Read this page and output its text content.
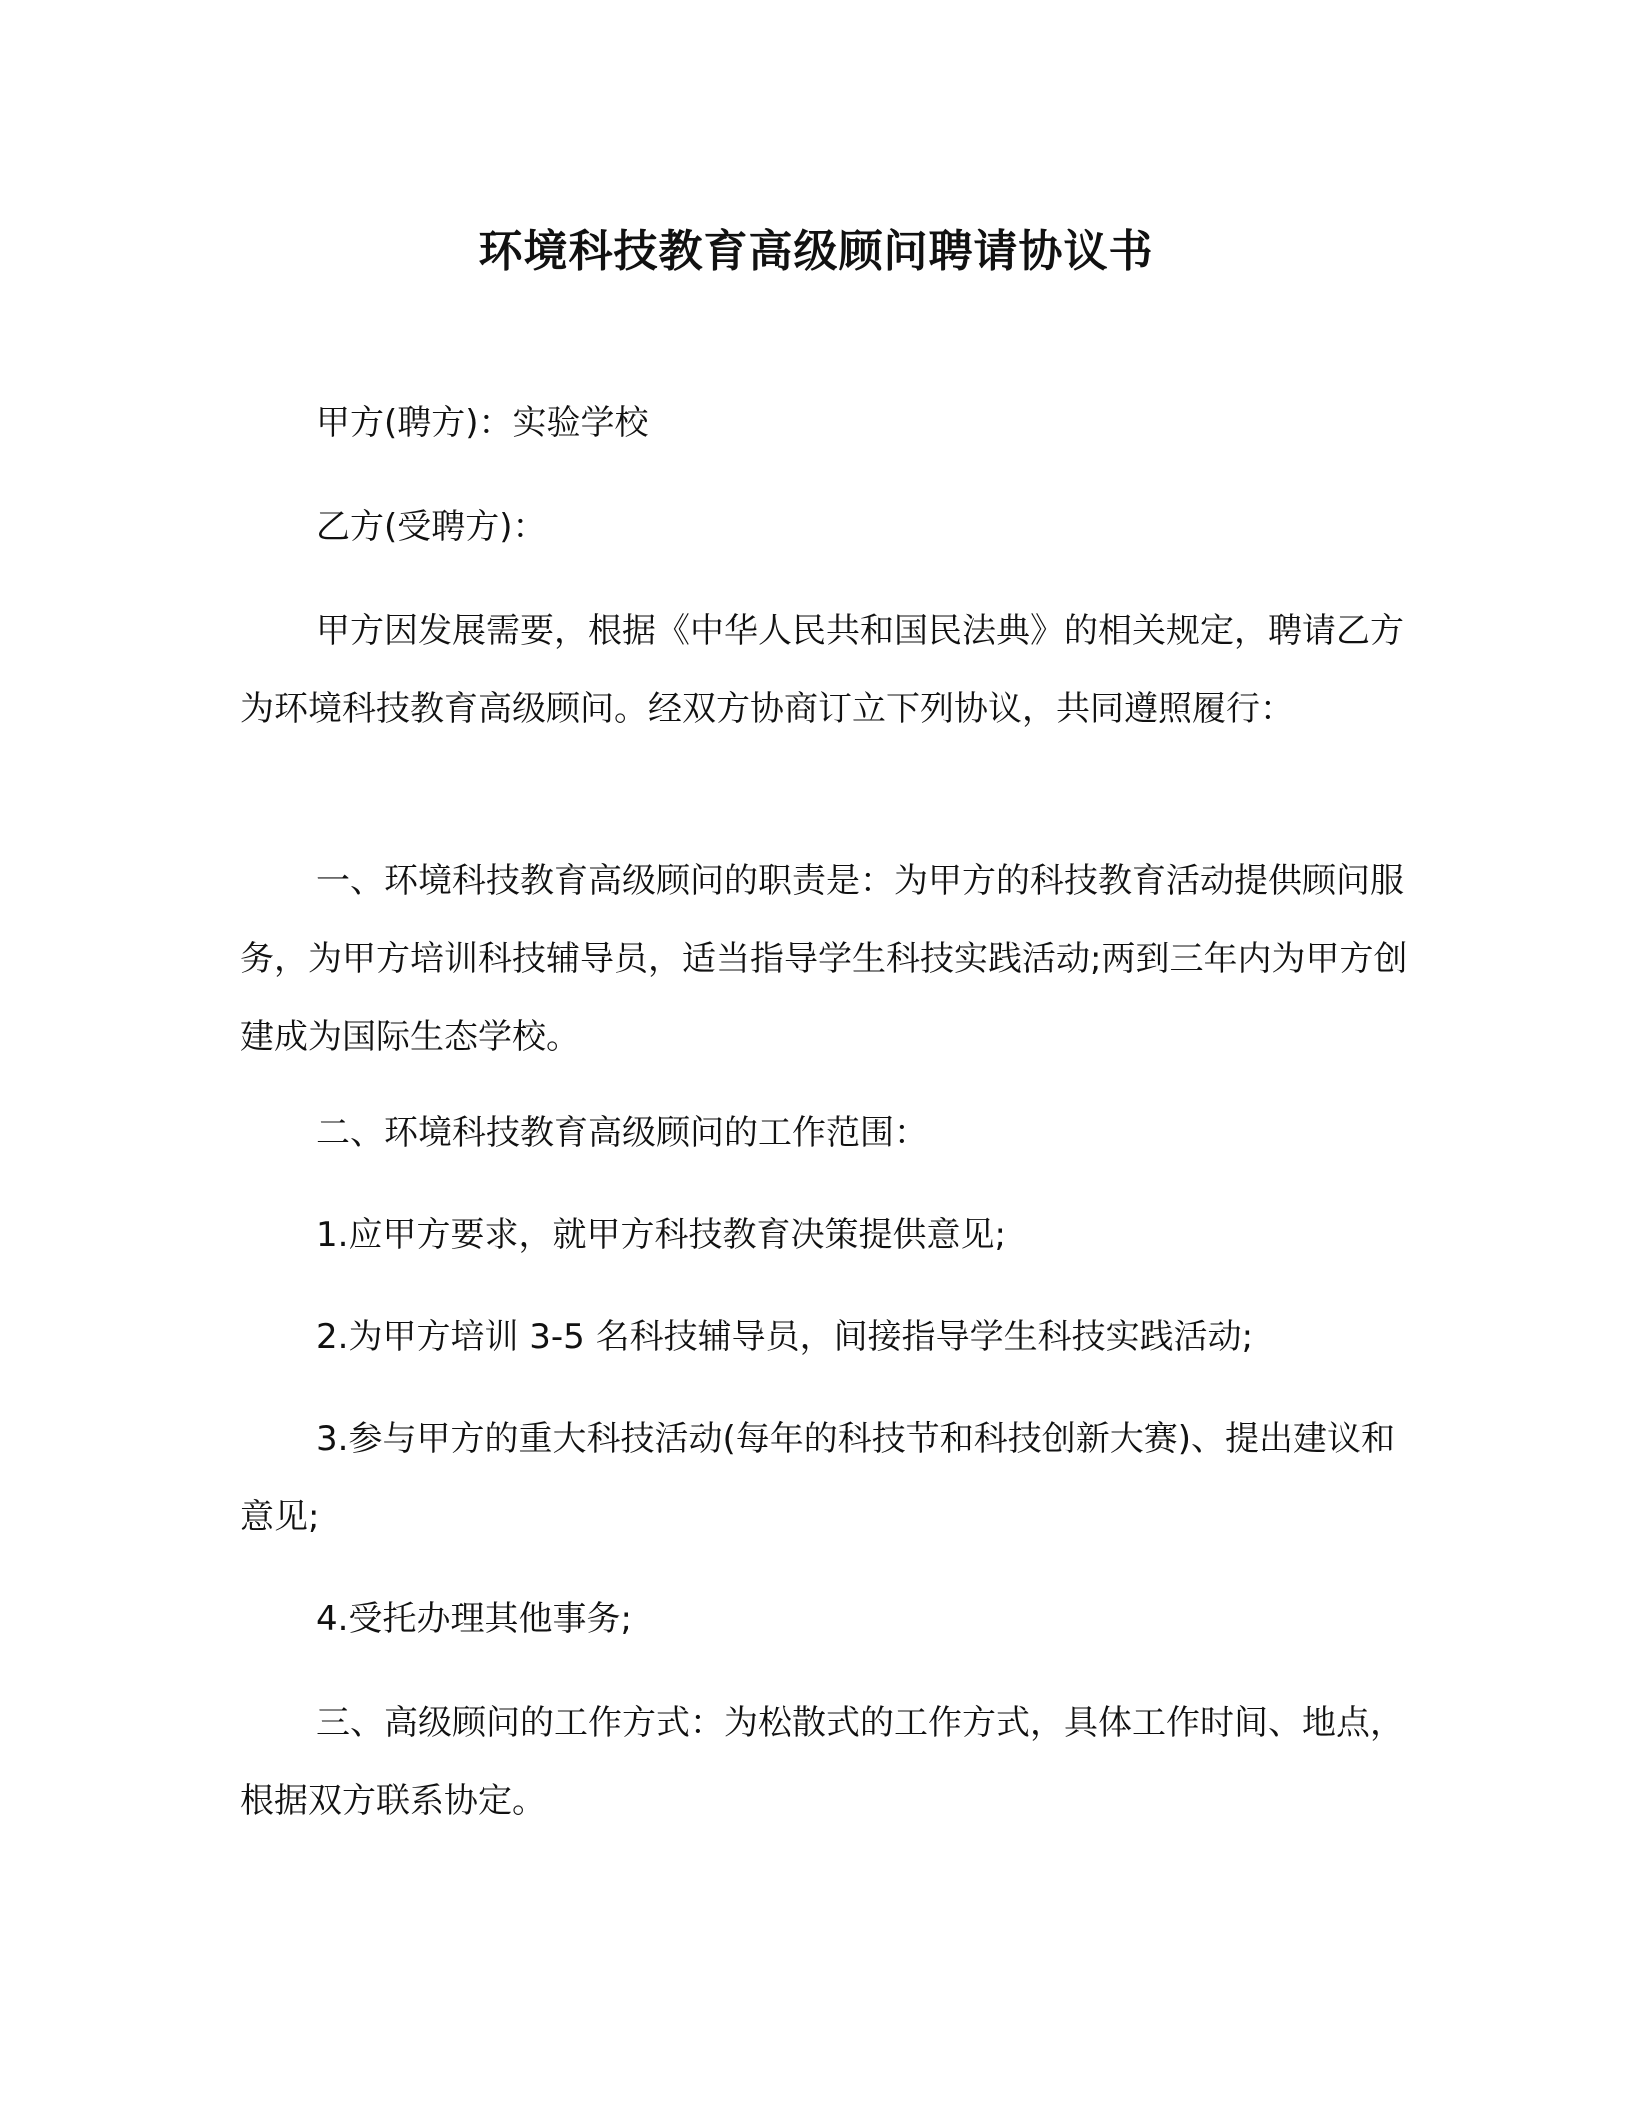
环境科技教育高级顾问聘请协议书

甲方(聘方)：实验学校

乙方(受聘方)：

甲方因发展需要，根据《中华人民共和国民法典》的相关规定，聘请乙方为环境科技教育高级顾问。经双方协商订立下列协议，共同遵照履行：

一、环境科技教育高级顾问的职责是：为甲方的科技教育活动提供顾问服务，为甲方培训科技辅导员，适当指导学生科技实践活动;两到三年内为甲方创建成为国际生态学校。

二、环境科技教育高级顾问的工作范围：

1.应甲方要求，就甲方科技教育决策提供意见;

2.为甲方培训 3-5 名科技辅导员，间接指导学生科技实践活动;

3.参与甲方的重大科技活动(每年的科技节和科技创新大赛)、提出建议和意见;

4.受托办理其他事务;

三、高级顾问的工作方式：为松散式的工作方式，具体工作时间、地点，根据双方联系协定。
